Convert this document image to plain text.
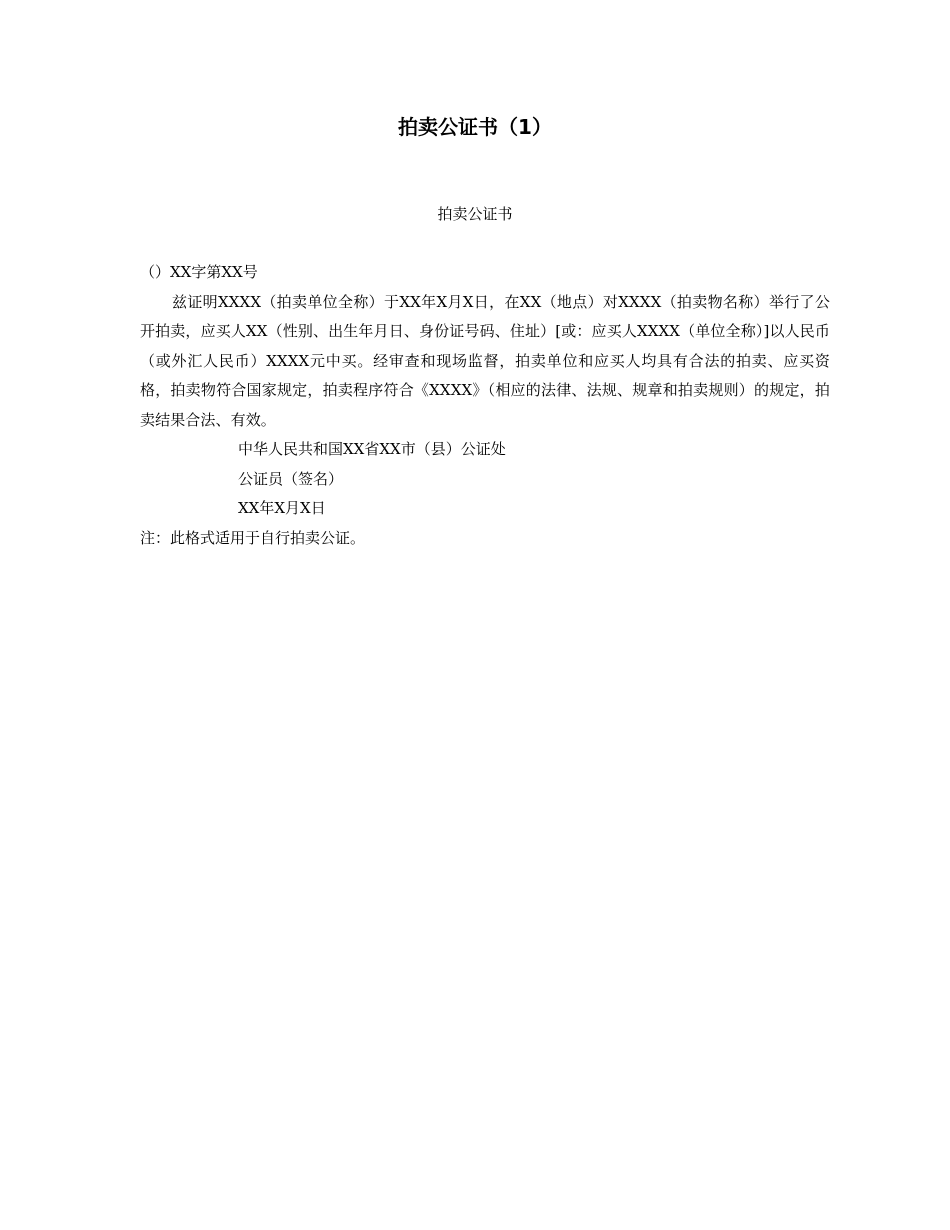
拍卖公证书（1）
拍卖公证书
（）XX字第XX号
兹证明XXXX（拍卖单位全称）于XX年X月X日，在XX（地点）对XXXX（拍卖物名称）举行了公开拍卖，应买人XX（性别、出生年月日、身份证号码、住址）[或：应买人XXXX（单位全称）]以人民币（或外汇人民币）XXXX元中买。经审查和现场监督，拍卖单位和应买人均具有合法的拍卖、应买资格，拍卖物符合国家规定，拍卖程序符合《XXXX》（相应的法律、法规、规章和拍卖规则）的规定，拍卖结果合法、有效。
中华人民共和国XX省XX市（县）公证处
公证员（签名）
XX年X月X日
注：此格式适用于自行拍卖公证。
